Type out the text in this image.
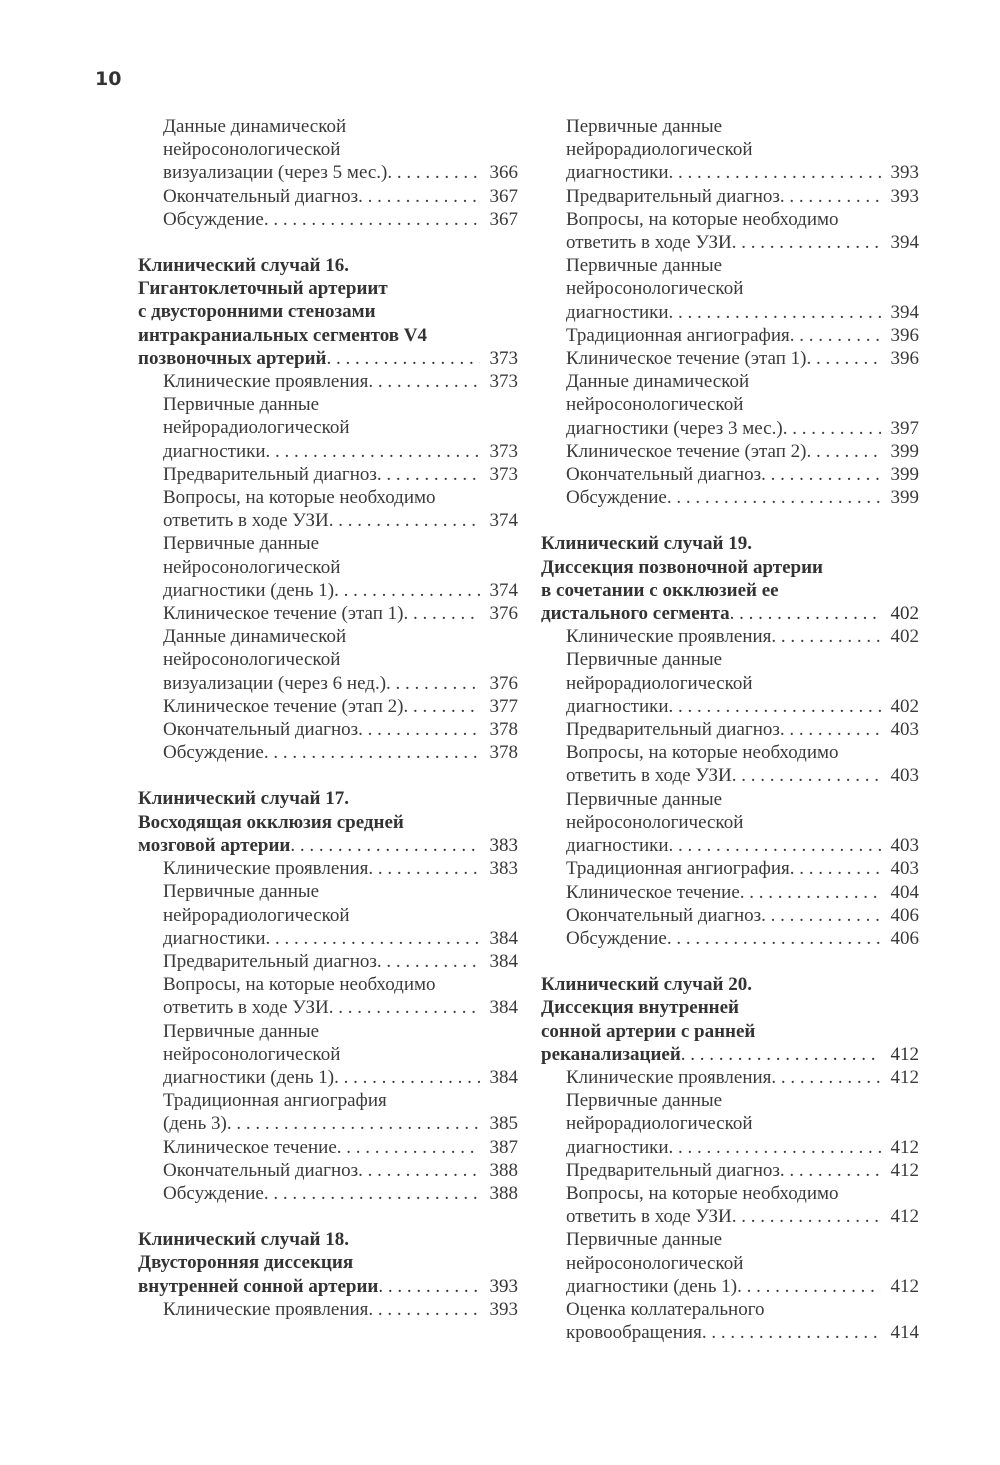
10
Данные динамической
нейросонологической
визуализации (через 5 мес.) . . .	366
Окончательный диагноз . . .	367
Обсуждение . . .	367
Клинический случай 16.
Гигантоклеточный артериит
с двусторонними стенозами
интракраниальных сегментов V4
позвоночных артерий . . .	373
Клинические проявления . . .	373
Первичные данные
нейрорадиологической
диагностики . . .	373
Предварительный диагноз . . .	373
Вопросы, на которые необходимо
ответить в ходе УЗИ . . .	374
Первичные данные
нейросонологической
диагностики (день 1) . . .	374
Клиническое течение (этап 1) . . .	376
Данные динамической
нейросонологической
визуализации (через 6 нед.) . . .	376
Клиническое течение (этап 2) . . .	377
Окончательный диагноз . . .	378
Обсуждение . . .	378
Клинический случай 17.
Восходящая окклюзия средней
мозговой артерии . . .	383
Клинические проявления . . .	383
Первичные данные
нейрорадиологической
диагностики . . .	384
Предварительный диагноз . . .	384
Вопросы, на которые необходимо
ответить в ходе УЗИ . . .	384
Первичные данные
нейросонологической
диагностики (день 1) . . .	384
Традиционная ангиография
(день 3) . . .	385
Клиническое течение . . .	387
Окончательный диагноз . . .	388
Обсуждение . . .	388
Клинический случай 18.
Двусторонняя диссекция
внутренней сонной артерии . . .	393
Клинические проявления . . .	393
Первичные данные
нейрорадиологической
диагностики . . .	393
Предварительный диагноз . . .	393
Вопросы, на которые необходимо
ответить в ходе УЗИ . . .	394
Первичные данные
нейросонологической
диагностики . . .	394
Традиционная ангиография . . .	396
Клиническое течение (этап 1) . . .	396
Данные динамической
нейросонологической
диагностики (через 3 мес.) . . .	397
Клиническое течение (этап 2) . . .	399
Окончательный диагноз . . .	399
Обсуждение . . .	399
Клинический случай 19.
Диссекция позвоночной артерии
в сочетании с окклюзией ее
дистального сегмента . . .	402
Клинические проявления . . .	402
Первичные данные
нейрорадиологической
диагностики . . .	402
Предварительный диагноз . . .	403
Вопросы, на которые необходимо
ответить в ходе УЗИ . . .	403
Первичные данные
нейросонологической
диагностики . . .	403
Традиционная ангиография . . .	403
Клиническое течение . . .	404
Окончательный диагноз . . .	406
Обсуждение . . .	406
Клинический случай 20.
Диссекция внутренней
сонной артерии с ранней
реканализацией . . .	412
Клинические проявления . . .	412
Первичные данные
нейрорадиологической
диагностики . . .	412
Предварительный диагноз . . .	412
Вопросы, на которые необходимо
ответить в ходе УЗИ . . .	412
Первичные данные
нейросонологической
диагностики (день 1) . . .	412
Оценка коллатерального
кровообращения . . .	414
